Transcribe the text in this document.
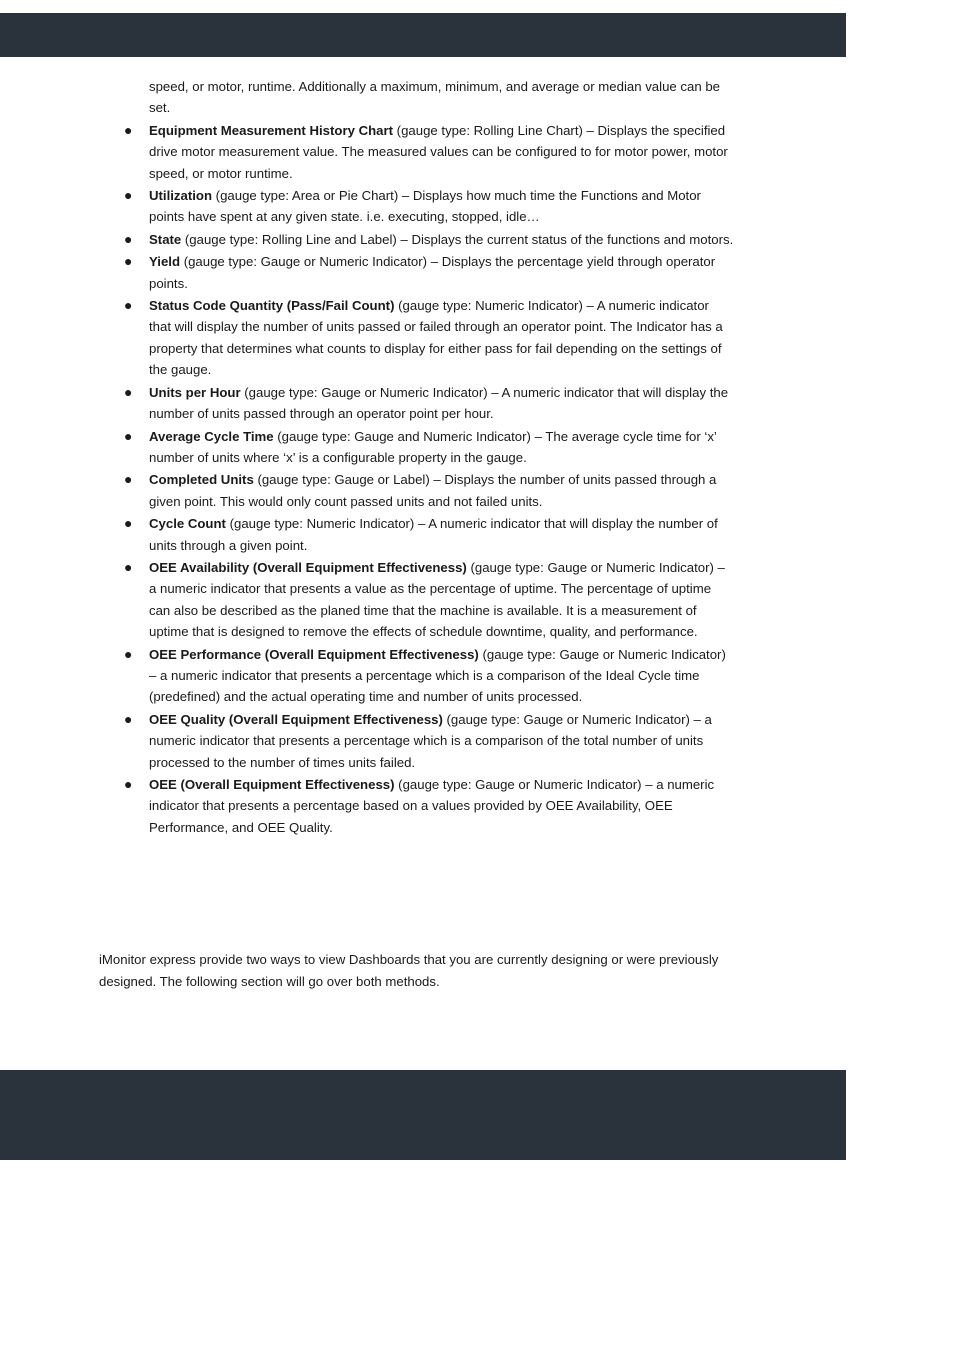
speed, or motor, runtime. Additionally a maximum, minimum, and average or median value can be set.

● Equipment Measurement History Chart (gauge type: Rolling Line Chart) – Displays the specified drive motor measurement value. The measured values can be configured to for motor power, motor speed, or motor runtime.
● Utilization (gauge type: Area or Pie Chart) – Displays how much time the Functions and Motor points have spent at any given state. i.e. executing, stopped, idle…
● State (gauge type: Rolling Line and Label) – Displays the current status of the functions and motors.
● Yield (gauge type: Gauge or Numeric Indicator) – Displays the percentage yield through operator points.
● Status Code Quantity (Pass/Fail Count) (gauge type: Numeric Indicator) – A numeric indicator that will display the number of units passed or failed through an operator point. The Indicator has a property that determines what counts to display for either pass for fail depending on the settings of the gauge.
● Units per Hour (gauge type: Gauge or Numeric Indicator) – A numeric indicator that will display the number of units passed through an operator point per hour.
● Average Cycle Time (gauge type: Gauge and Numeric Indicator) – The average cycle time for ‘x’ number of units where ‘x’ is a configurable property in the gauge.
● Completed Units (gauge type: Gauge or Label) – Displays the number of units passed through a given point. This would only count passed units and not failed units.
● Cycle Count (gauge type: Numeric Indicator) – A numeric indicator that will display the number of units through a given point.
● OEE Availability (Overall Equipment Effectiveness) (gauge type: Gauge or Numeric Indicator) – a numeric indicator that presents a value as the percentage of uptime. The percentage of uptime can also be described as the planed time that the machine is available. It is a measurement of uptime that is designed to remove the effects of schedule downtime, quality, and performance.
● OEE Performance (Overall Equipment Effectiveness) (gauge type: Gauge or Numeric Indicator) – a numeric indicator that presents a percentage which is a comparison of the Ideal Cycle time (predefined) and the actual operating time and number of units processed.
● OEE Quality (Overall Equipment Effectiveness) (gauge type: Gauge or Numeric Indicator) – a numeric indicator that presents a percentage which is a comparison of the total number of units processed to the number of times units failed.
● OEE (Overall Equipment Effectiveness) (gauge type: Gauge or Numeric Indicator) – a numeric indicator that presents a percentage based on a values provided by OEE Availability, OEE Performance, and OEE Quality.

iMonitor express provide two ways to view Dashboards that you are currently designing or were previously designed. The following section will go over both methods.
